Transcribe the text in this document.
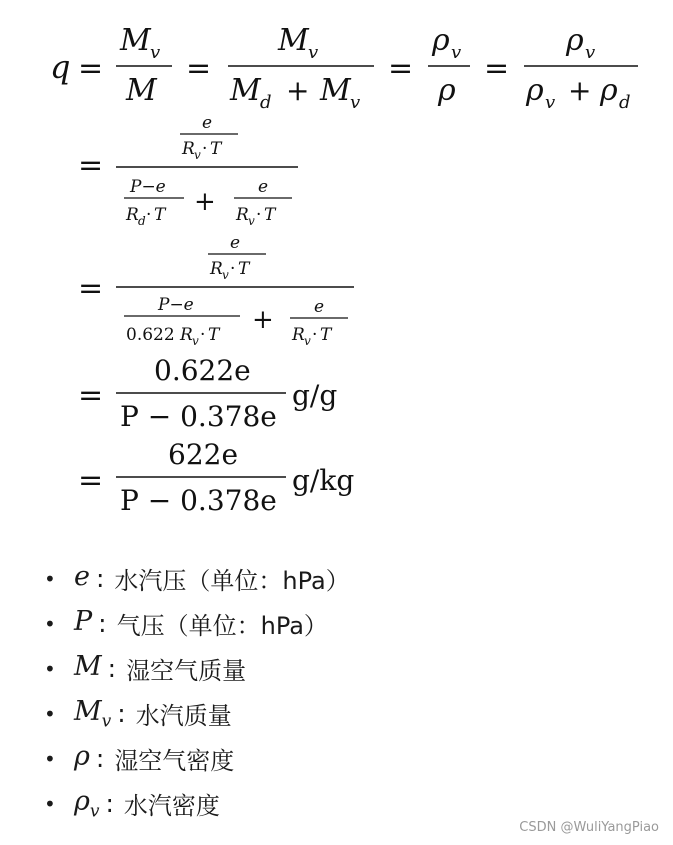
q =
M v
M
=
M v
M d + M v
=
ρ v
ρ
=
ρ v
ρ v + ρ d
=
e
R v · T
P−e
R d · T + e
R v · T
=
e
R v · T
P−e
0.622 R v · T + e
R v · T
=
0.622e
P − 0.378e
g/g
=
622e
P − 0.378e
g/kg
• e : 水汽压（单位：hPa）
• P : 气压（单位：hPa）
• M : 湿空气质量
• $M_v$ : 水汽质量
• ρ : 湿空气密度
• $\rho_v$ : 水汽密度
CSDN @WuliYangPiao
